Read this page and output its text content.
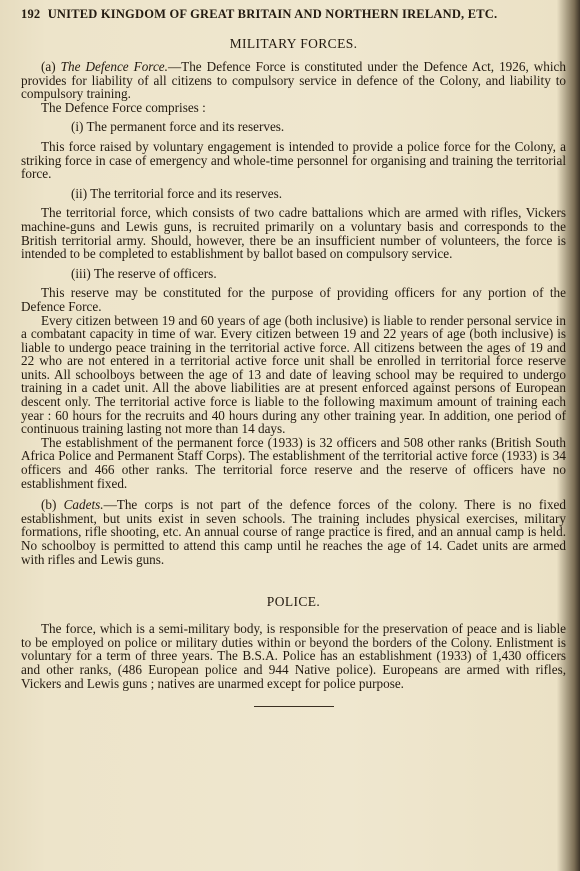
192 UNITED KINGDOM OF GREAT BRITAIN AND NORTHERN IRELAND, ETC.
MILITARY FORCES.

(a) The Defence Force.—The Defence Force is constituted under the Defence Act, 1926, which provides for liability of all citizens to compulsory service in defence of the Colony, and liability to compulsory training.

The Defence Force comprises :

(i) The permanent force and its reserves.

This force raised by voluntary engagement is intended to provide a police force for the Colony, a striking force in case of emergency and whole-time personnel for organising and training the territorial force.

(ii) The territorial force and its reserves.

The territorial force, which consists of two cadre battalions which are armed with rifles, Vickers machine-guns and Lewis guns, is recruited primarily on a voluntary basis and corresponds to the British territorial army. Should, however, there be an insufficient number of volunteers, the force is intended to be completed to establishment by ballot based on compulsory service.

(iii) The reserve of officers.

This reserve may be constituted for the purpose of providing officers for any portion of the Defence Force.

Every citizen between 19 and 60 years of age (both inclusive) is liable to render personal service in a combatant capacity in time of war. Every citizen between 19 and 22 years of age (both inclusive) is liable to undergo peace training in the territorial active force. All citizens between the ages of 19 and 22 who are not entered in a territorial active force unit shall be enrolled in territorial force reserve units. All schoolboys between the age of 13 and date of leaving school may be required to undergo training in a cadet unit. All the above liabilities are at present enforced against persons of European descent only. The territorial active force is liable to the following maximum amount of training each year : 60 hours for the recruits and 40 hours during any other training year. In addition, one period of continuous training lasting not more than 14 days.

The establishment of the permanent force (1933) is 32 officers and 508 other ranks (British South Africa Police and Permanent Staff Corps). The establishment of the territorial active force (1933) is 34 officers and 466 other ranks. The territorial force reserve and the reserve of officers have no establishment fixed.

(b) Cadets.—The corps is not part of the defence forces of the colony. There is no fixed establishment, but units exist in seven schools. The training includes physical exercises, military formations, rifle shooting, etc. An annual course of range practice is fired, and an annual camp is held. No schoolboy is permitted to attend this camp until he reaches the age of 14. Cadet units are armed with rifles and Lewis guns.

POLICE.

The force, which is a semi-military body, is responsible for the preservation of peace and is liable to be employed on police or military duties within or beyond the borders of the Colony. Enlistment is voluntary for a term of three years. The B.S.A. Police has an establishment (1933) of 1,430 officers and other ranks, (486 European police and 944 Native police). Europeans are armed with rifles, Vickers and Lewis guns ; natives are unarmed except for police purpose.
